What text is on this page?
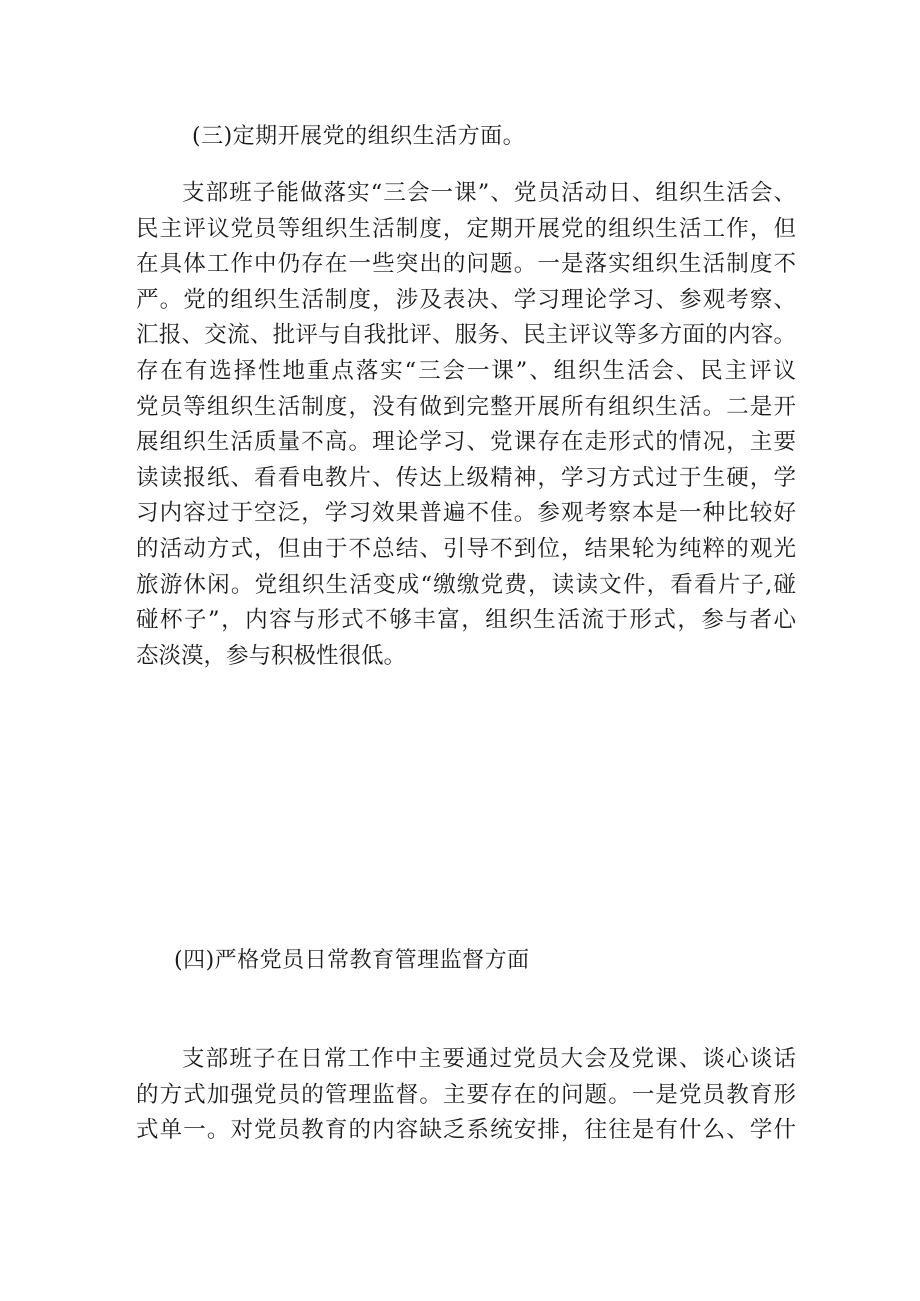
(三)定期开展党的组织生活方面。
支部班子能做落实“三会一课”、党员活动日、组织生活会、
民主评议党员等组织生活制度，定期开展党的组织生活工作，但
在具体工作中仍存在一些突出的问题。一是落实组织生活制度不
严。党的组织生活制度，涉及表决、学习理论学习、参观考察、
汇报、交流、批评与自我批评、服务、民主评议等多方面的内容。
存在有选择性地重点落实“三会一课”、组织生活会、民主评议
党员等组织生活制度，没有做到完整开展所有组织生活。二是开
展组织生活质量不高。理论学习、党课存在走形式的情况，主要
读读报纸、看看电教片、传达上级精神，学习方式过于生硬，学
习内容过于空泛，学习效果普遍不佳。参观考察本是一种比较好
的活动方式，但由于不总结、引导不到位，结果轮为纯粹的观光
旅游休闲。党组织生活变成“缴缴党费，读读文件，看看片子,碰
碰杯子”，内容与形式不够丰富，组织生活流于形式，参与者心
态淡漠，参与积极性很低。
(四)严格党员日常教育管理监督方面
支部班子在日常工作中主要通过党员大会及党课、谈心谈话
的方式加强党员的管理监督。主要存在的问题。一是党员教育形
式单一。对党员教育的内容缺乏系统安排，往往是有什么、学什
